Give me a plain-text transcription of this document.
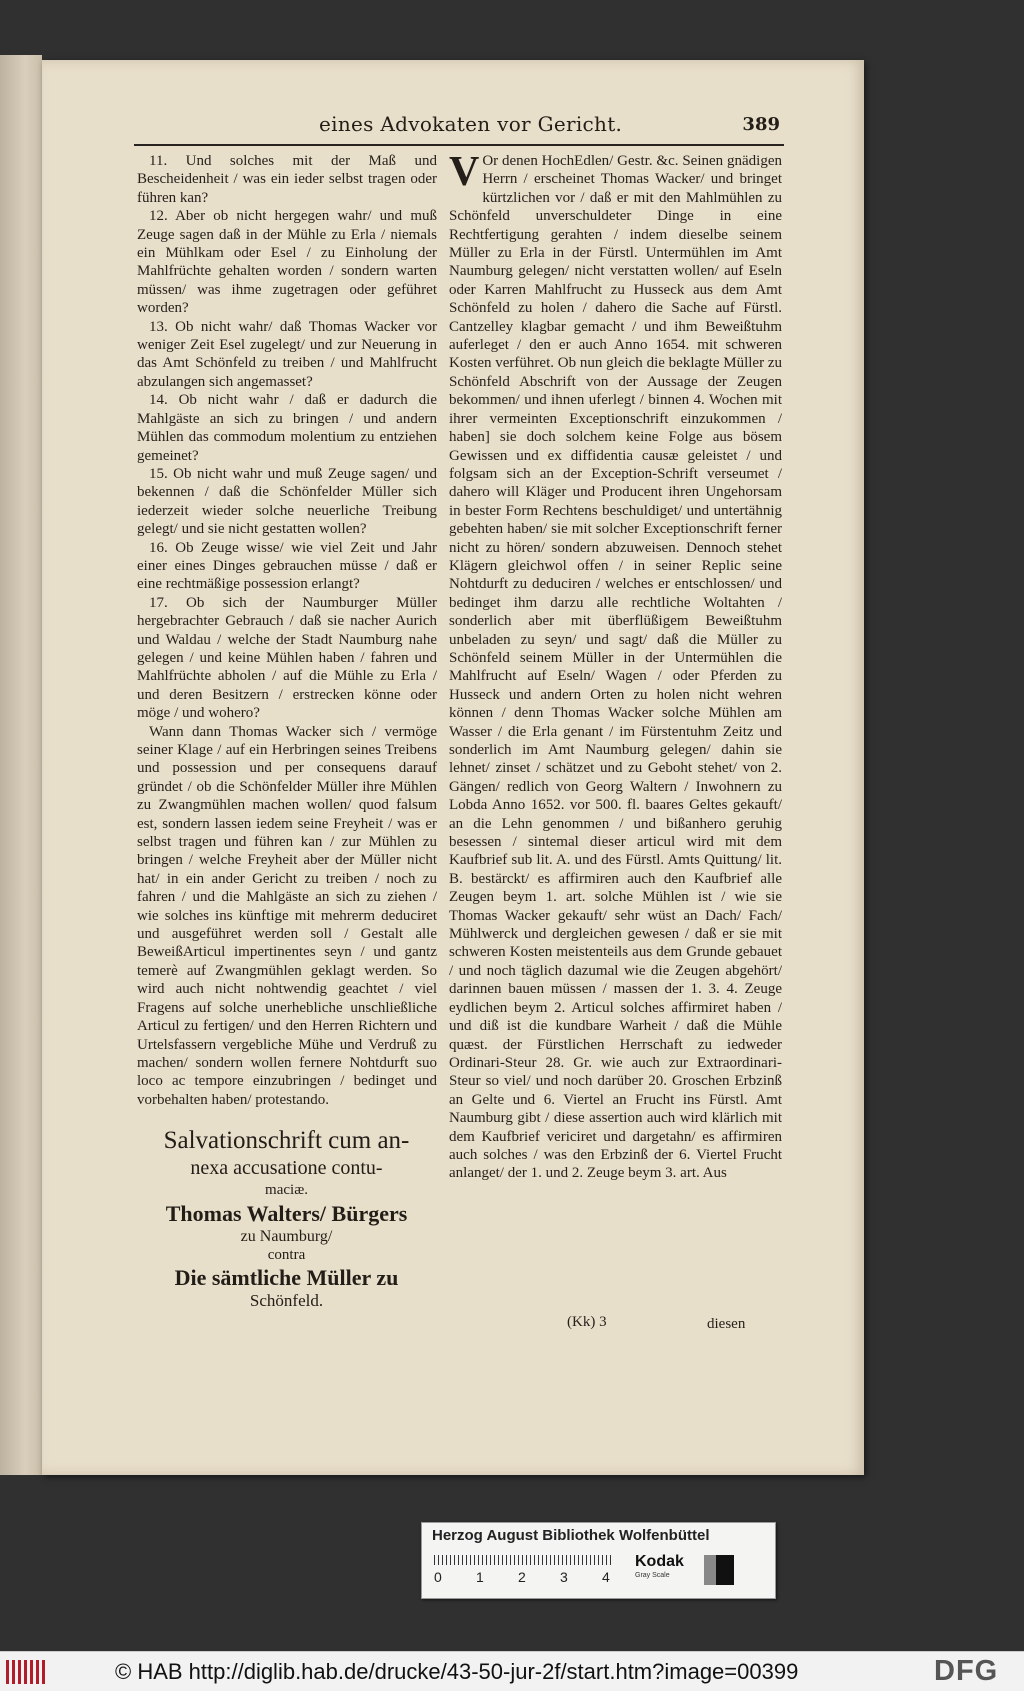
eines Advokaten vor Gericht.	389

11. Und solches mit der Maß und Bescheidenheit / was ein ieder selbst tragen oder führen kan?

12. Aber ob nicht hergegen wahr/ und muß Zeuge sagen daß in der Mühle zu Erla / niemals ein Mühlkam oder Esel / zu Einholung der Mahlfrüchte gehalten worden / sondern warten müssen/ was ihme zugetragen oder geführet worden?

13. Ob nicht wahr/ daß Thomas Wacker vor weniger Zeit Esel zugelegt/ und zur Neuerung in das Amt Schönfeld zu treiben / und Mahlfrucht abzulangen sich angemasset?

14. Ob nicht wahr / daß er dadurch die Mahlgäste an sich zu bringen / und andern Mühlen das commodum molentium zu entziehen gemeinet?

15. Ob nicht wahr und muß Zeuge sagen/ und bekennen / daß die Schönfelder Müller sich iederzeit wieder solche neuerliche Treibung gelegt/ und sie nicht gestatten wollen?

16. Ob Zeuge wisse/ wie viel Zeit und Jahr einer eines Dinges gebrauchen müsse / daß er eine rechtmäßige possession erlangt?

17. Ob sich der Naumburger Müller hergebrachter Gebrauch / daß sie nacher Aurich und Waldau / welche der Stadt Naumburg nahe gelegen / und keine Mühlen haben / fahren und Mahlfrüchte abholen / auf die Mühle zu Erla / und deren Besitzern / erstrecken könne oder möge / und wohero?

Wann dann Thomas Wacker sich / vermöge seiner Klage / auf ein Herbringen seines Treibens und possession und per consequens darauf gründet / ob die Schönfelder Müller ihre Mühlen zu Zwangmühlen machen wollen/ quod falsum est, sondern lassen iedem seine Freyheit / was er selbst tragen und führen kan / zur Mühlen zu bringen / welche Freyheit aber der Müller nicht hat/ in ein ander Gericht zu treiben / noch zu fahren / und die Mahlgäste an sich zu ziehen / wie solches ins künftige mit mehrerm deduciret und ausgeführet werden soll / Gestalt alle BeweißArticul impertinentes seyn / und gantz temerè auf Zwangmühlen geklagt werden. So wird auch nicht nohtwendig geachtet / viel Fragens auf solche unerhebliche unschließliche Articul zu fertigen/ und den Herren Richtern und Urtelsfassern vergebliche Mühe und Verdruß zu machen/ sondern wollen fernere Nohtdurft suo loco ac tempore einzubringen / bedinget und vorbehalten haben/ protestando.

Salvationschrift cum an-
nexa accusatione contu-
maciæ.
Thomas Walters/ Bürgers
zu Naumburg/
contra
Die sämtliche Müller zu
Schönfeld.

V Or denen HochEdlen/ Gestr. &c. Seinen gnädigen Herrn / erscheinet Thomas Wacker/ und bringet kürtzlichen vor / daß er mit den Mahlmühlen zu Schönfeld unverschuldeter Dinge in eine Rechtfertigung gerahten / indem dieselbe seinem Müller zu Erla in der Fürstl. Untermühlen im Amt Naumburg gelegen/ nicht verstatten wollen/ auf Eseln oder Karren Mahlfrucht zu Husseck aus dem Amt Schönfeld zu holen / dahero die Sache auf Fürstl. Cantzelley klagbar gemacht / und ihm Beweißtuhm auferleget / den er auch Anno 1654. mit schweren Kosten verführet. Ob nun gleich die beklagte Müller zu Schönfeld Abschrift von der Aussage der Zeugen bekommen/ und ihnen uferlegt / binnen 4. Wochen mit ihrer vermeinten Exceptionschrift einzukommen / haben] sie doch solchem keine Folge aus bösem Gewissen und ex diffidentia causæ geleistet / und folgsam sich an der Exception-Schrift verseumet / dahero will Kläger und Producent ihren Ungehorsam in bester Form Rechtens beschuldiget/ und untertähnig gebehten haben/ sie mit solcher Exceptionschrift ferner nicht zu hören/ sondern abzuweisen. Dennoch stehet Klägern gleichwol offen / in seiner Replic seine Nohtdurft zu deduciren / welches er entschlossen/ und bedinget ihm darzu alle rechtliche Woltahten / sonderlich aber mit überflüßigem Beweißtuhm unbeladen zu seyn/ und sagt/ daß die Müller zu Schönfeld seinem Müller in der Untermühlen die Mahlfrucht auf Eseln/ Wagen / oder Pferden zu Husseck und andern Orten zu holen nicht wehren können / denn Thomas Wacker solche Mühlen am Wasser / die Erla genant / im Fürstentuhm Zeitz und sonderlich im Amt Naumburg gelegen/ dahin sie lehnet/ zinset / schätzet und zu Geboht stehet/ von 2. Gängen/ redlich von Georg Waltern / Inwohnern zu Lobda Anno 1652. vor 500. fl. baares Geltes gekauft/ an die Lehn genommen / und bißanhero geruhig besessen / sintemal dieser articul wird mit dem Kaufbrief sub lit. A. und des Fürstl. Amts Quittung/ lit. B. bestärckt/ es affirmiren auch den Kaufbrief alle Zeugen beym 1. art. solche Mühlen ist / wie sie Thomas Wacker gekauft/ sehr wüst an Dach/ Fach/ Mühlwerck und dergleichen gewesen / daß er sie mit schweren Kosten meistenteils aus dem Grunde gebauet / und noch täglich dazumal wie die Zeugen abgehört/ darinnen bauen müssen / massen der 1. 3. 4. Zeuge eydlichen beym 2. Articul solches affirmiret haben / und diß ist die kundbare Warheit / daß die Mühle quæst. der Fürstlichen Herrschaft zu iedweder Ordinari-Steur 28. Gr. wie auch zur Extraordinari-Steur so viel/ und noch darüber 20. Groschen Erbzinß an Gelte und 6. Viertel an Frucht ins Fürstl. Amt Naumburg gibt / diese assertion auch wird klärlich mit dem Kaufbrief vericiret und dargetahn/ es affirmiren auch solches / was den Erbzinß der 6. Viertel Frucht anlanget/ der 1. und 2. Zeuge beym 3. art. Aus

(Kk) 3	diesen
Herzog August Bibliothek Wolfenbüttel
0 1 2 3 4
Kodak
Gray Scale
© HAB http://diglib.hab.de/drucke/43-50-jur-2f/start.htm?image=00399	DFG
